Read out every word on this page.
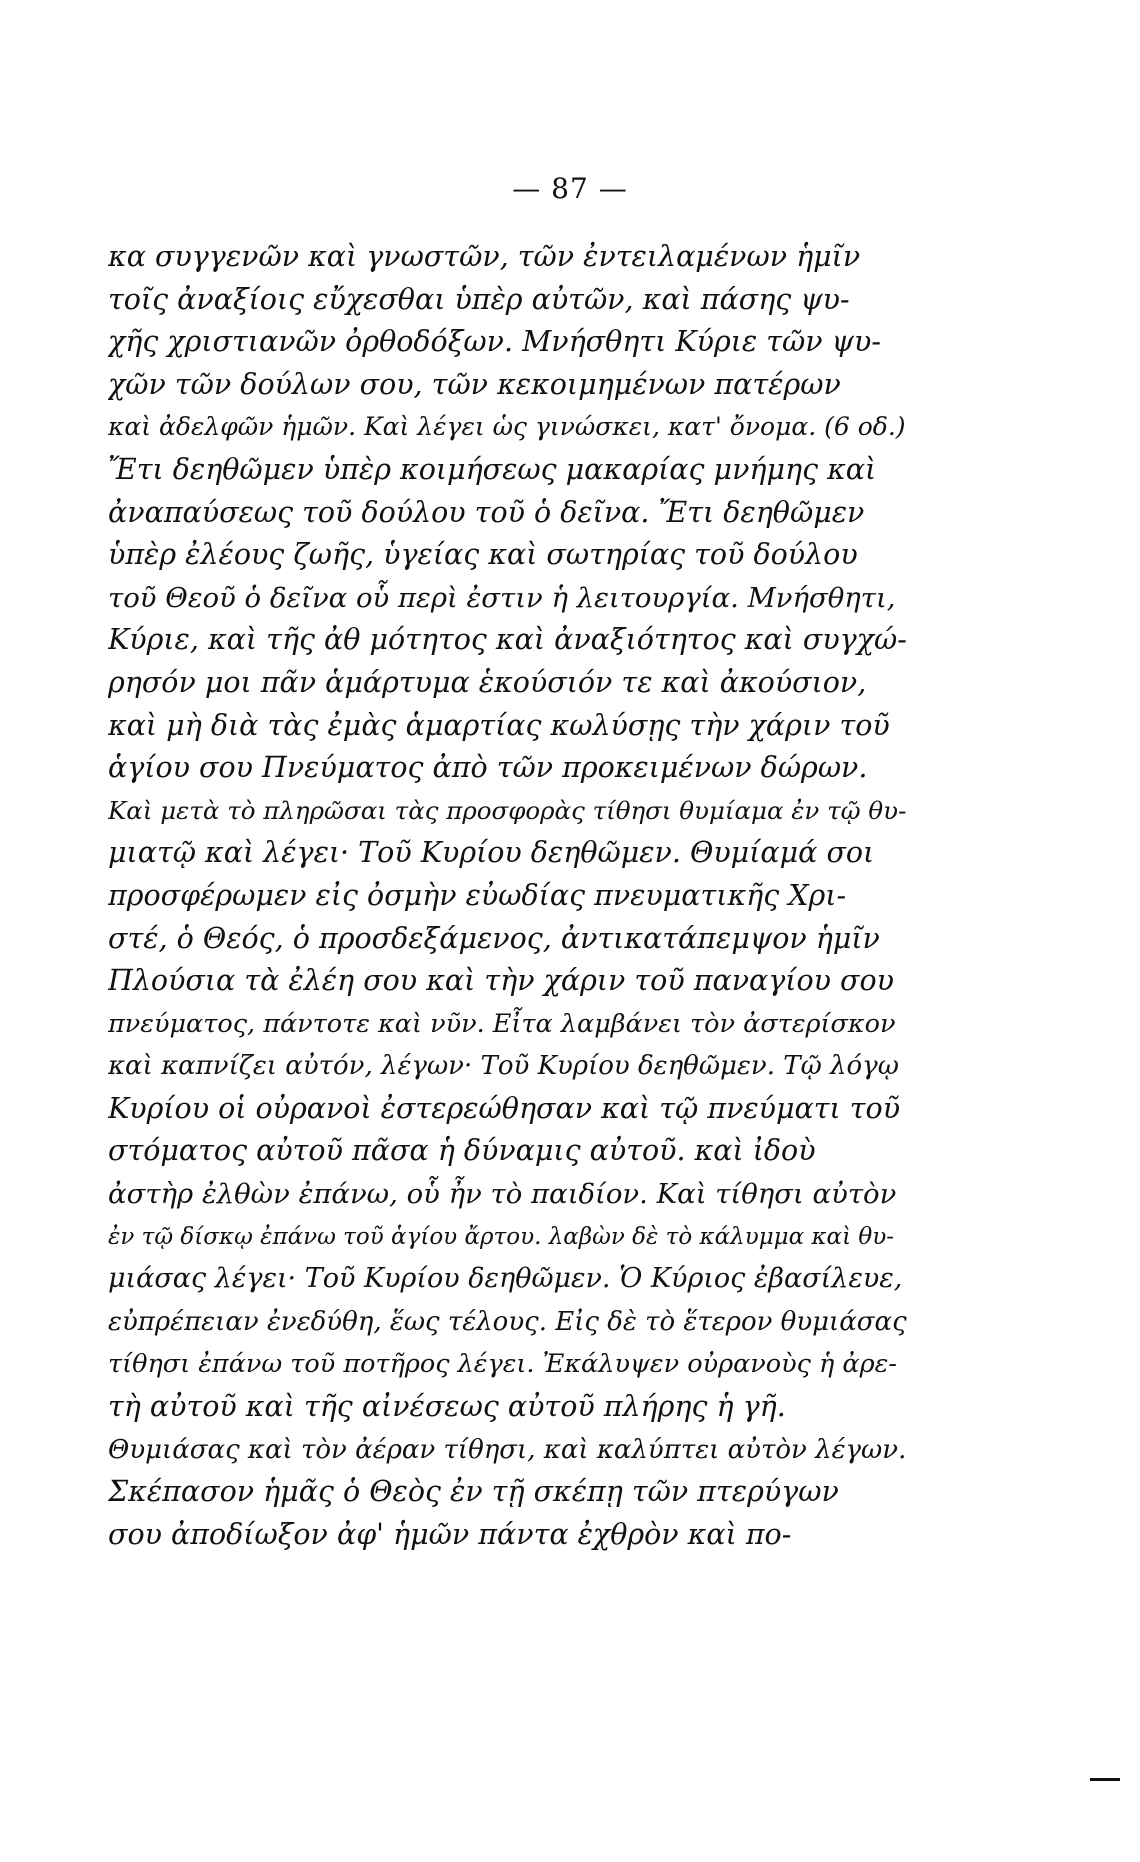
— 87 —
κα συγγενῶν καὶ γνωστῶν, τῶν ἐντειλαμένων ἡμῖν
τοῖς ἀναξίοις εὔχεσθαι ὑπὲρ αὐτῶν, καὶ πάσης ψυ-
χῆς χριστιανῶν ὀρθοδόξων. Μνήσθητι Κύριε τῶν ψυ-
χῶν τῶν δούλων σου, τῶν κεκοιμημένων πατέρων
καὶ ἀδελφῶν ἡμῶν. Καὶ λέγει ὡς γινώσκει, κατ' ὄνομα. (6 οδ.)
Ἔτι δεηθῶμεν ὑπὲρ κοιμήσεως μακαρίας μνήμης καὶ
ἀναπαύσεως τοῦ δούλου τοῦ ὁ δεῖνα. Ἔτι δεηθῶμεν
ὑπὲρ ἐλέους ζωῆς, ὑγείας καὶ σωτηρίας τοῦ δούλου
τοῦ Θεοῦ ὁ δεῖνα οὗ περὶ ἐστιν ἡ λειτουργία. Μνήσθητι,
Κύριε, καὶ τῆς ἀθ μότητος καὶ ἀναξιότητος καὶ συγχώ-
ρησόν μοι πᾶν ἁμάρτυμα ἑκούσιόν τε καὶ ἀκούσιον,
καὶ μὴ διὰ τὰς ἐμὰς ἁμαρτίας κωλύσῃς τὴν χάριν τοῦ
ἁγίου σου Πνεύματος ἀπὸ τῶν προκειμένων δώρων.
Καὶ μετὰ τὸ πληρῶσαι τὰς προσφορὰς τίθησι θυμίαμα ἐν τῷ θυ-
μιατῷ καὶ λέγει· Τοῦ Κυρίου δεηθῶμεν. Θυμίαμά σοι
προσφέρωμεν εἰς ὀσμὴν εὐωδίας πνευματικῆς Χρι-
στέ, ὁ Θεός, ὁ προσδεξάμενος, ἀντικατάπεμψον ἡμῖν
Πλούσια τὰ ἐλέη σου καὶ τὴν χάριν τοῦ παναγίου σου
πνεύματος, πάντοτε καὶ νῦν. Εἶτα λαμβάνει τὸν ἀστερίσκον
καὶ καπνίζει αὐτόν, λέγων· Τοῦ Κυρίου δεηθῶμεν. Τῷ λόγῳ
Κυρίου οἱ οὐρανοὶ ἐστερεώθησαν καὶ τῷ πνεύματι τοῦ
στόματος αὐτοῦ πᾶσα ἡ δύναμις αὐτοῦ. καὶ ἰδοὺ
ἀστὴρ ἐλθὼν ἐπάνω, οὗ ἦν τὸ παιδίον. Καὶ τίθησι αὐτὸν
ἐν τῷ δίσκῳ ἐπάνω τοῦ ἁγίου ἄρτου. λαβὼν δὲ τὸ κάλυμμα καὶ θυ-
μιάσας λέγει· Τοῦ Κυρίου δεηθῶμεν. Ὁ Κύριος ἐβασίλευε,
εὐπρέπειαν ἐνεδύθη, ἕως τέλους. Εἰς δὲ τὸ ἕτερον θυμιάσας
τίθησι ἐπάνω τοῦ ποτῆρος λέγει. Ἐκάλυψεν οὐρανοὺς ἡ ἀρε-
τὴ αὐτοῦ καὶ τῆς αἰνέσεως αὐτοῦ πλήρης ἡ γῆ.
Θυμιάσας καὶ τὸν ἀέραν τίθησι, καὶ καλύπτει αὐτὸν λέγων.
Σκέπασον ἡμᾶς ὁ Θεὸς ἐν τῇ σκέπῃ τῶν πτερύγων
σου ἀποδίωξον ἀφ' ἡμῶν πάντα ἐχθρὸν καὶ πο-
